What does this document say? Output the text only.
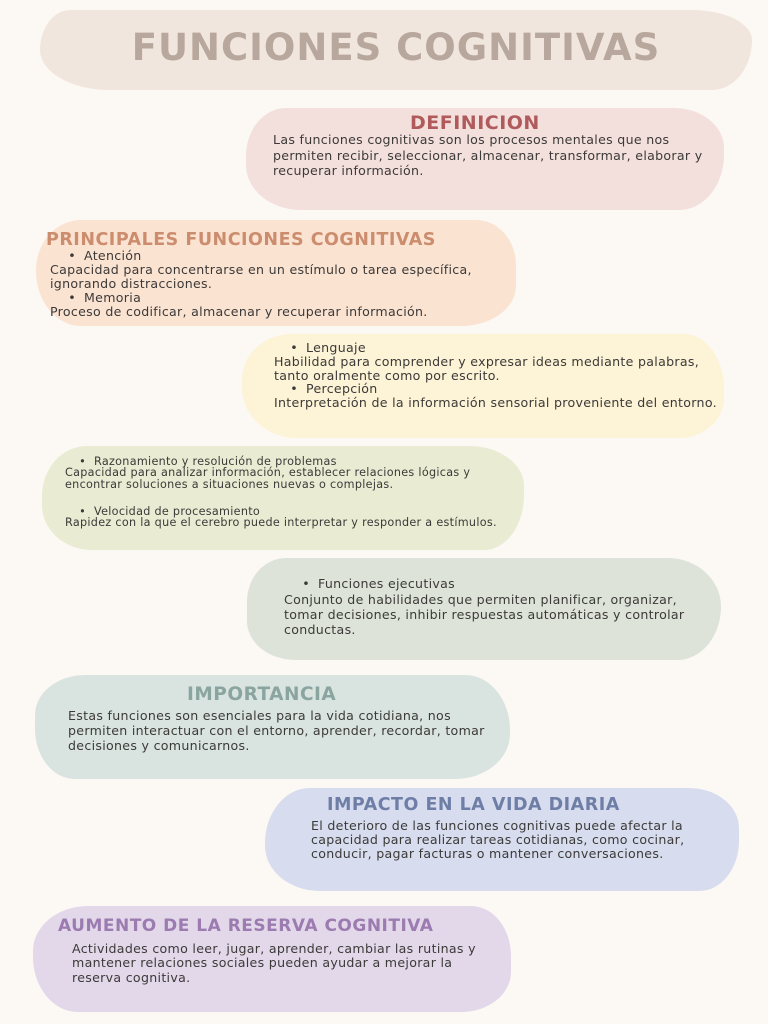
FUNCIONES COGNITIVAS
DEFINICION
Las funciones cognitivas son los procesos mentales que nos permiten recibir, seleccionar, almacenar, transformar, elaborar y recuperar información.
PRINCIPALES FUNCIONES COGNITIVAS
• Atención
Capacidad para concentrarse en un estímulo o tarea específica, ignorando distracciones.
• Memoria
Proceso de codificar, almacenar y recuperar información.
• Lenguaje
Habilidad para comprender y expresar ideas mediante palabras, tanto oralmente como por escrito.
• Percepción
Interpretación de la información sensorial proveniente del entorno.
• Razonamiento y resolución de problemas
Capacidad para analizar información, establecer relaciones lógicas y encontrar soluciones a situaciones nuevas o complejas.
• Velocidad de procesamiento
Rapidez con la que el cerebro puede interpretar y responder a estímulos.
• Funciones ejecutivas
Conjunto de habilidades que permiten planificar, organizar, tomar decisiones, inhibir respuestas automáticas y controlar conductas.
IMPORTANCIA
Estas funciones son esenciales para la vida cotidiana, nos permiten interactuar con el entorno, aprender, recordar, tomar decisiones y comunicarnos.
IMPACTO EN LA VIDA DIARIA
El deterioro de las funciones cognitivas puede afectar la capacidad para realizar tareas cotidianas, como cocinar, conducir, pagar facturas o mantener conversaciones.
AUMENTO DE LA RESERVA COGNITIVA
Actividades como leer, jugar, aprender, cambiar las rutinas y mantener relaciones sociales pueden ayudar a mejorar la reserva cognitiva.
